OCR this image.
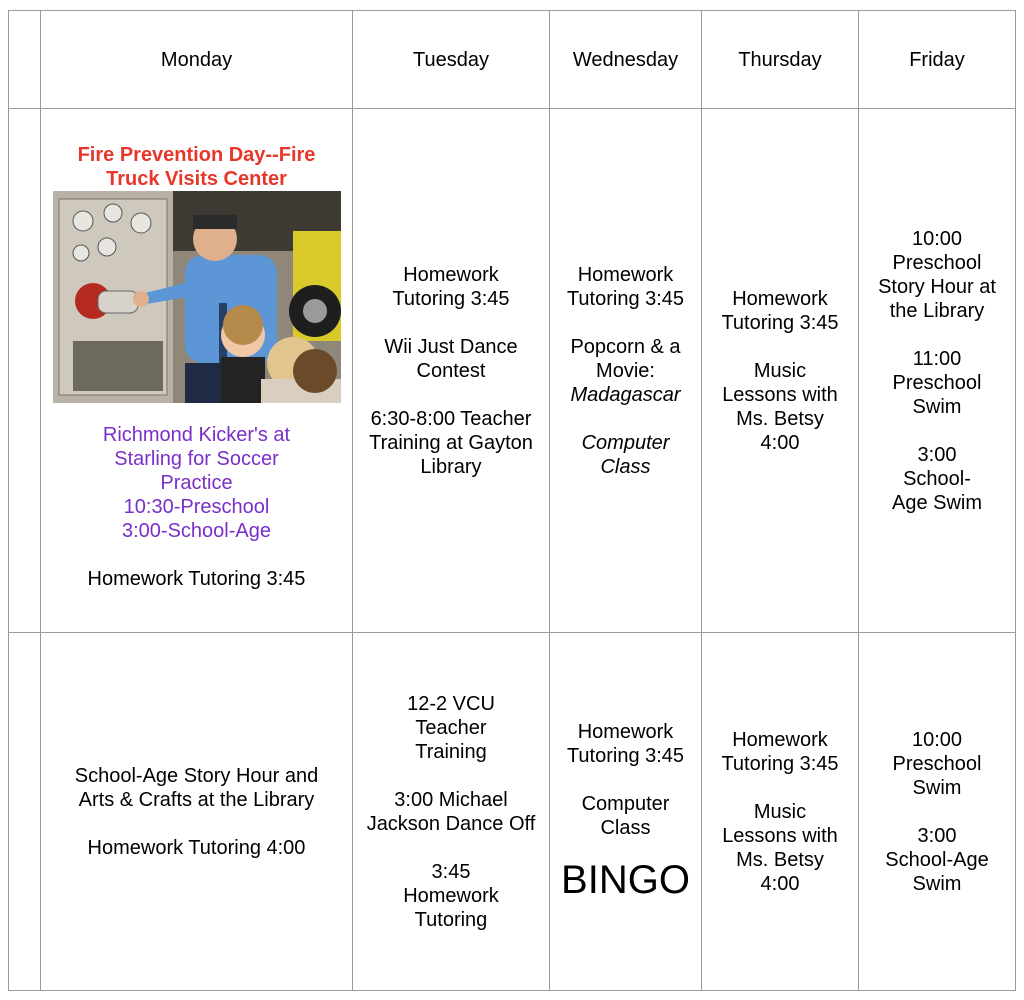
	Monday	Tuesday	Wednesday	Thursday	Friday

	Fire Prevention Day--Fire Truck Visits Center
Richmond Kicker's at Starling for Soccer Practice
10:30-Preschool
3:00-School-Age
Homework Tutoring 3:45	Homework Tutoring 3:45
Wii Just Dance Contest
6:30-8:00 Teacher Training at Gayton Library	Homework Tutoring 3:45
Popcorn & a Movie:
Madagascar
Computer Class	Homework Tutoring 3:45
Music Lessons with Ms. Betsy 4:00	10:00 Preschool Story Hour at the Library
11:00 Preschool Swim
3:00 School-Age Swim

	School-Age Story Hour and Arts & Crafts at the Library
Homework Tutoring 4:00	12-2 VCU Teacher Training
3:00 Michael Jackson Dance Off
3:45 Homework Tutoring	Homework Tutoring 3:45
Computer Class
BINGO	Homework Tutoring 3:45
Music Lessons with Ms. Betsy 4:00	10:00 Preschool Swim
3:00 School-Age Swim
